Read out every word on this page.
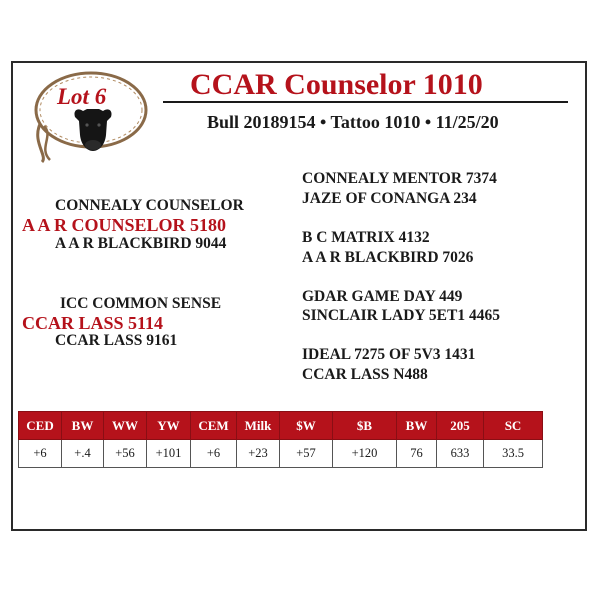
Lot 6	CCAR Counselor 1010
Bull 20189154 • Tattoo 1010 • 11/25/20
CONNEALY COUNSELOR
A A R COUNSELOR 5180
A A R BLACKBIRD 9044
ICC COMMON SENSE
CCAR LASS 5114
CCAR LASS 9161
CONNEALY MENTOR 7374
JAZE OF CONANGA 234
B C MATRIX 4132
A A R BLACKBIRD 7026
GDAR GAME DAY 449
SINCLAIR LADY 5ET1 4465
IDEAL 7275 OF 5V3 1431
CCAR LASS N488
CED	BW	WW	YW	CEM	Milk	$W	$B	BW	205	SC
+6	+.4	+56	+101	+6	+23	+57	+120	76	633	33.5
